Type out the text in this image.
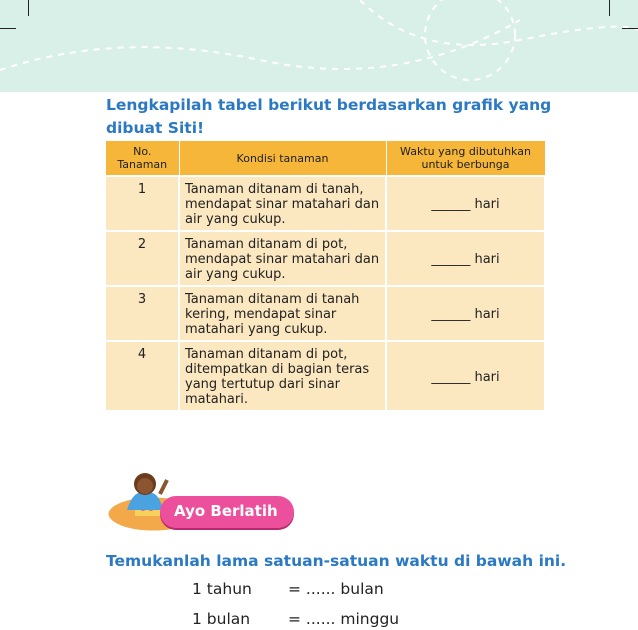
Lengkapilah tabel berikut berdasarkan grafik yang dibuat Siti!
No. Tanaman	Kondisi tanaman	Waktu yang dibutuhkan untuk berbunga
1	Tanaman ditanam di tanah, mendapat sinar matahari dan air yang cukup.	______ hari
2	Tanaman ditanam di pot, mendapat sinar matahari dan air yang cukup.	______ hari
3	Tanaman ditanam di tanah kering, mendapat sinar matahari yang cukup.	______ hari
4	Tanaman ditanam di pot, ditempatkan di bagian teras yang tertutup dari sinar matahari.	______ hari
Ayo Berlatih
Temukanlah lama satuan-satuan waktu di bawah ini.
1 tahun = ...... bulan
1 bulan = ...... minggu
